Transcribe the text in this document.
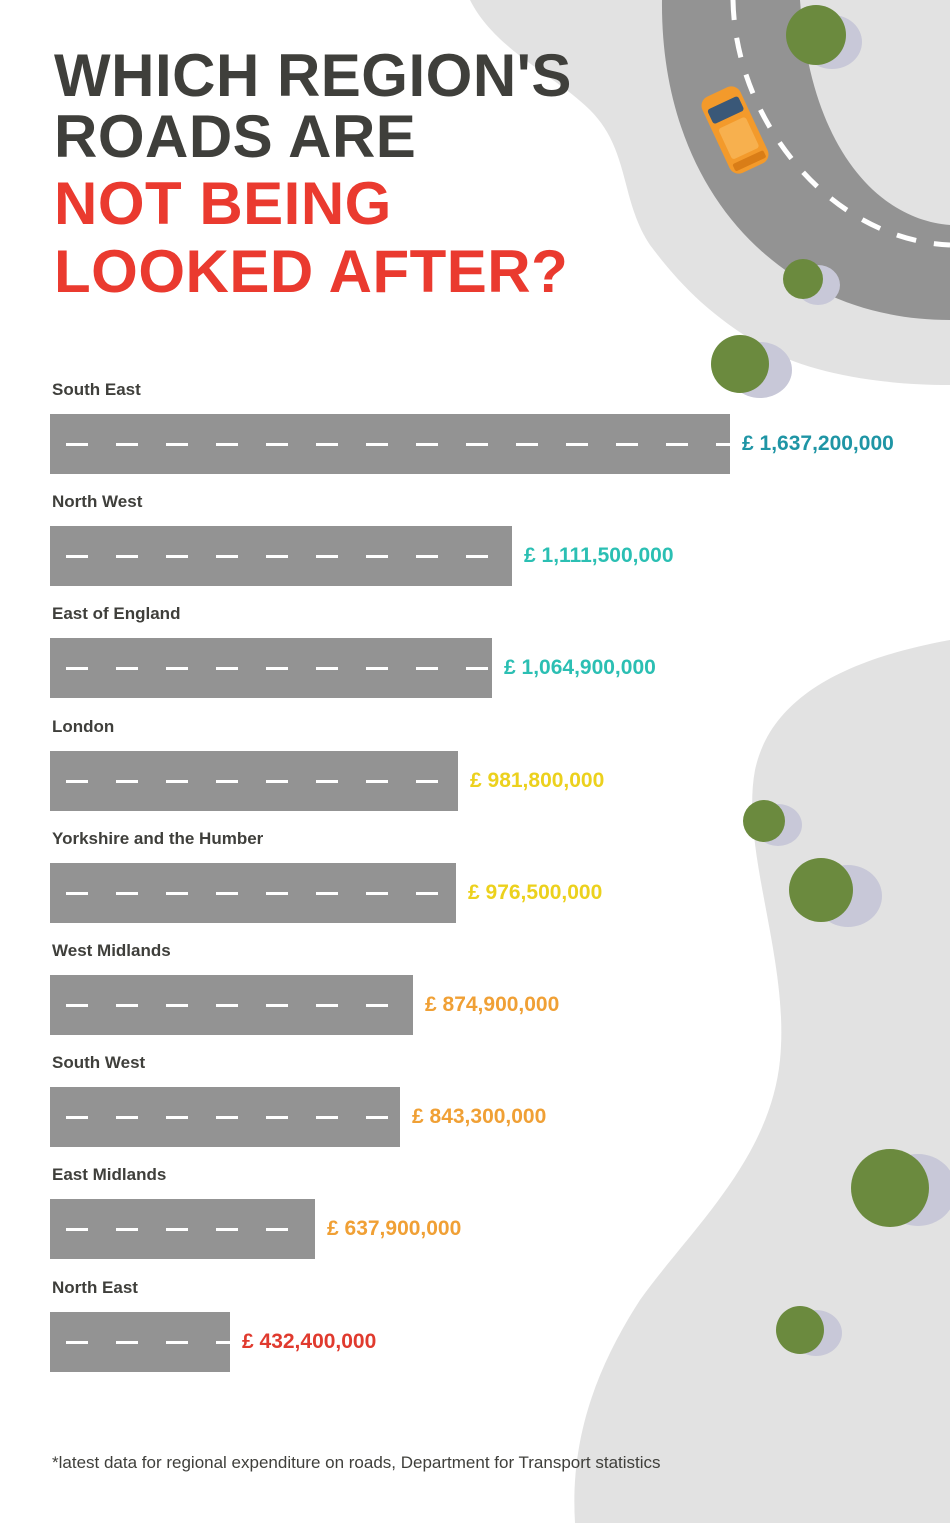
WHICH REGION'S
ROADS ARE
NOT BEING
LOOKED AFTER?
South East
£ 1,637,200,000
North West
£ 1,111,500,000
East of England
£ 1,064,900,000
London
£ 981,800,000
Yorkshire and the Humber
£ 976,500,000
West Midlands
£ 874,900,000
South West
£ 843,300,000
East Midlands
£ 637,900,000
North East
£ 432,400,000
*latest data for regional expenditure on roads, Department for Transport statistics
